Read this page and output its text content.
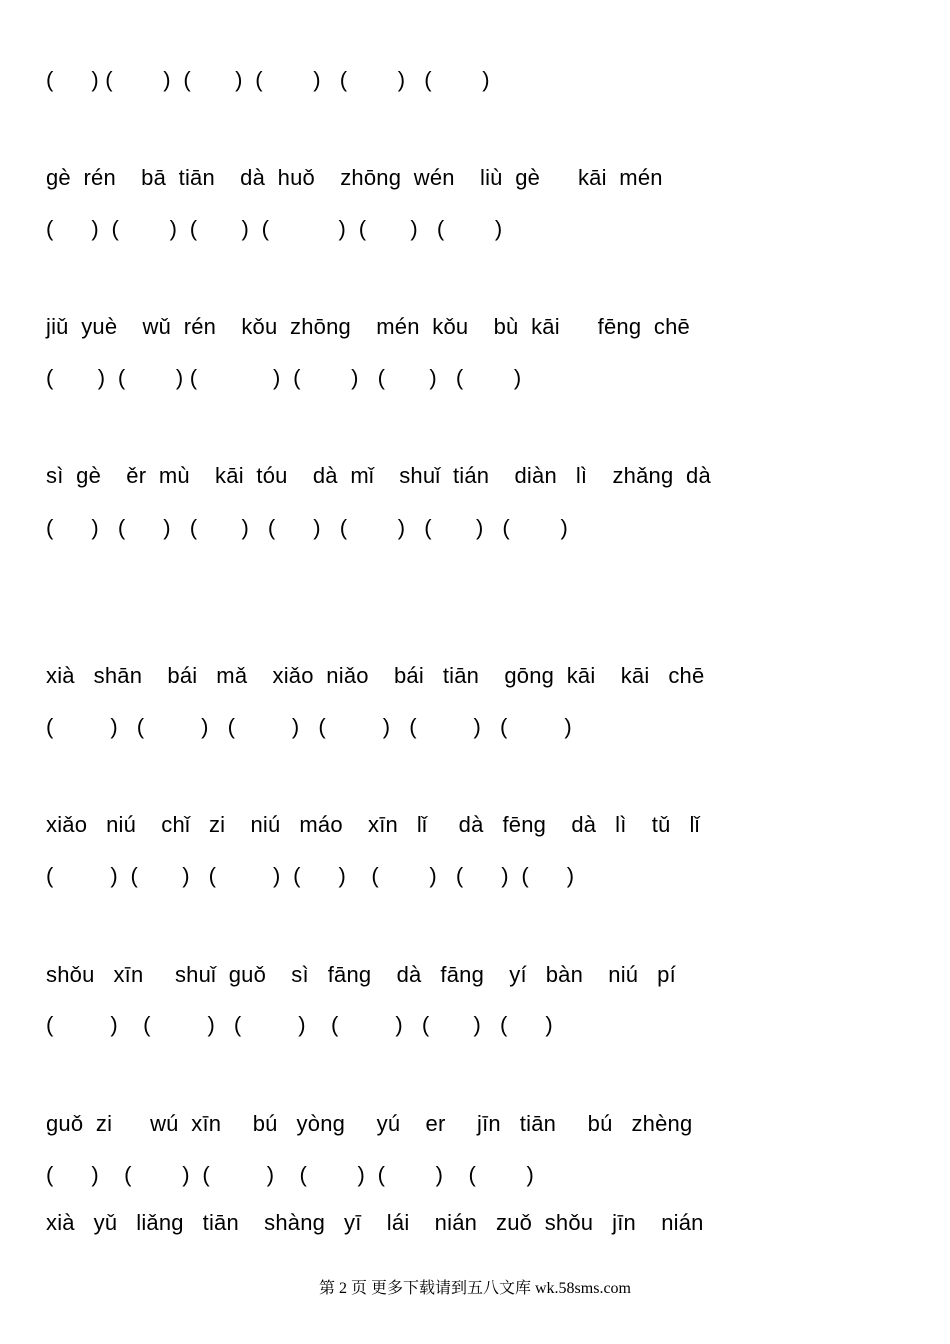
(      ) (        )  (       )  (        )   (        )   (        )
gè  rén    bā  tiān    dà  huǒ    zhōng  wén    liù  gè      kāi  mén
(      )  (        )  (       )  (           )  (       )   (        )
jiǔ  yuè    wǔ  rén    kǒu  zhōng    mén  kǒu    bù  kāi      fēng  chē
(       )  (        ) (            )  (        )   (       )   (        )
sì  gè    ěr  mù    kāi  tóu    dà  mǐ    shuǐ  tián    diàn   lì    zhǎng  dà
(      )   (      )   (       )   (      )   (        )   (       )   (        )
xià   shān    bái   mǎ    xiǎo  niǎo    bái   tiān    gōng  kāi    kāi   chē
(         )   (         )   (         )   (         )   (         )   (         )
xiǎo   niú    chǐ   zi    niú   máo    xīn   lǐ     dà   fēng    dà   lì    tǔ   lǐ
(         )  (       )   (         )  (      )    (        )   (      )  (      )
shǒu   xīn     shuǐ  guǒ    sì   fāng    dà   fāng    yí   bàn    niú   pí
(         )    (         )   (         )    (         )   (       )   (      )
guǒ  zi      wú  xīn     bú   yòng     yú    er     jīn   tiān     bú   zhèng
(      )    (        )  (         )    (        )  (        )    (        )
xià   yǔ   liǎng   tiān    shàng   yī    lái    nián   zuǒ  shǒu   jīn    nián
第 2 页 更多下载请到五八文库 wk.58sms.com
